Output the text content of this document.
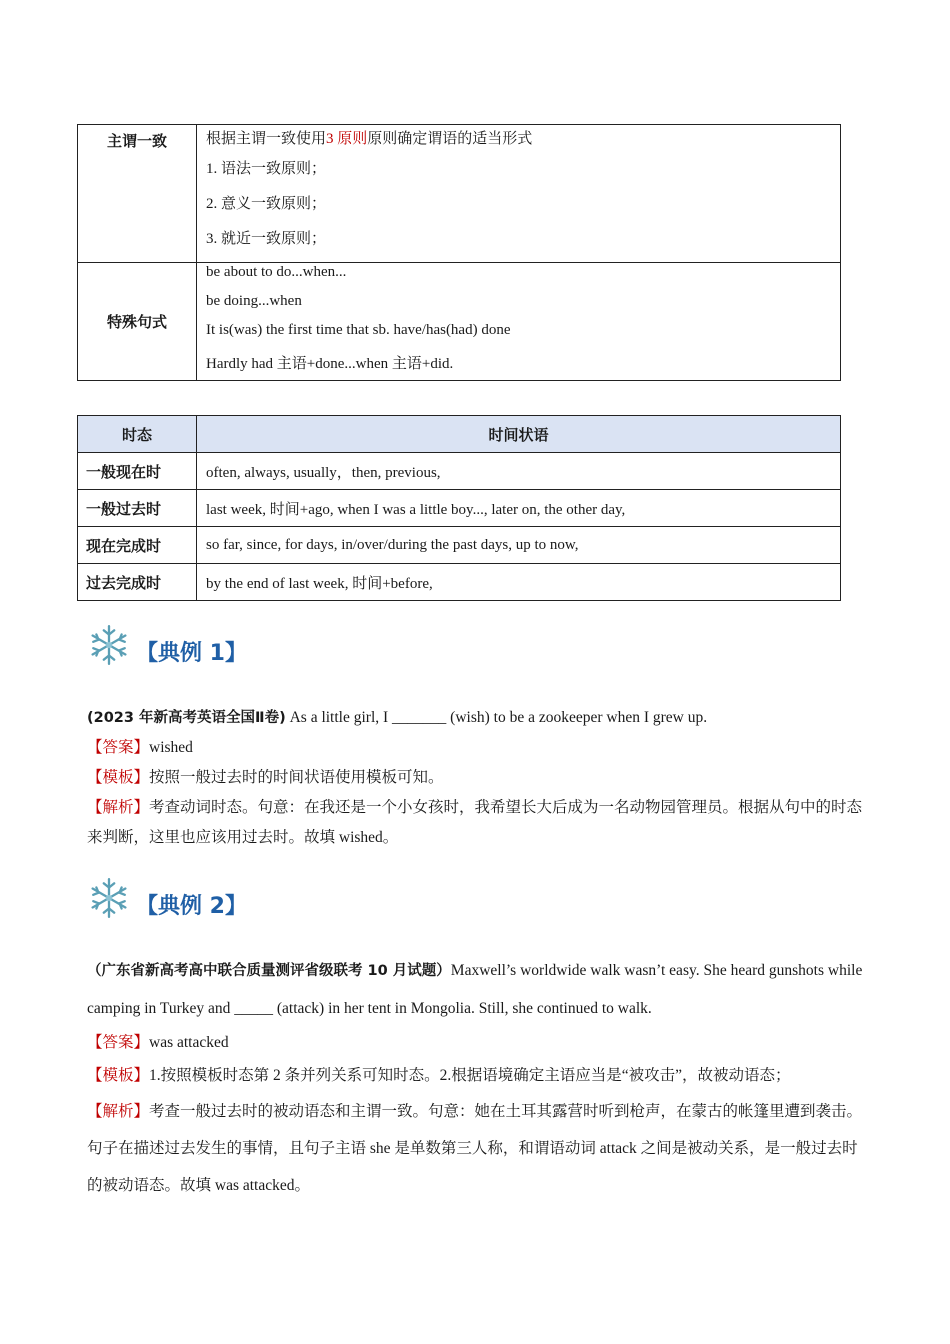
主谓一致	根据主谓一致使用3 原则原则确定谓语的适当形式
1. 语法一致原则；
2. 意义一致原则；
3. 就近一致原则；

特殊句式	be about to do...when...
be doing...when
It is(was) the first time that sb. have/has(had) done
Hardly had 主语+done...when 主语+did.
时态	时间状语
一般现在时	often, always, usually，then, previous,
一般过去时	last week, 时间+ago, when I was a little boy..., later on, the other day,
现在完成时	so far, since, for days, in/over/during the past days, up to now,
过去完成时	by the end of last week, 时间+before,
【典例 1】

(2023 年新高考英语全国Ⅱ卷) As a little girl, I _______ (wish) to be a zookeeper when I grew up.

【答案】wished

【模板】按照一般过去时的时间状语使用模板可知。

【解析】考查动词时态。句意：在我还是一个小女孩时，我希望长大后成为一名动物园管理员。根据从句中的时态来判断，这里也应该用过去时。故填 wished。

【典例 2】

（广东省新高考高中联合质量测评省级联考 10 月试题）Maxwell’s worldwide walk wasn’t easy. She heard gunshots while camping in Turkey and _____ (attack) in her tent in Mongolia. Still, she continued to walk.

【答案】was attacked

【模板】1.按照模板时态第 2 条并列关系可知时态。2.根据语境确定主语应当是“被攻击”，故被动语态；

【解析】考查一般过去时的被动语态和主谓一致。句意：她在土耳其露营时听到枪声，在蒙古的帐篷里遭到袭击。句子在描述过去发生的事情，且句子主语 she 是单数第三人称，和谓语动词 attack 之间是被动关系，是一般过去时的被动语态。故填 was attacked。
